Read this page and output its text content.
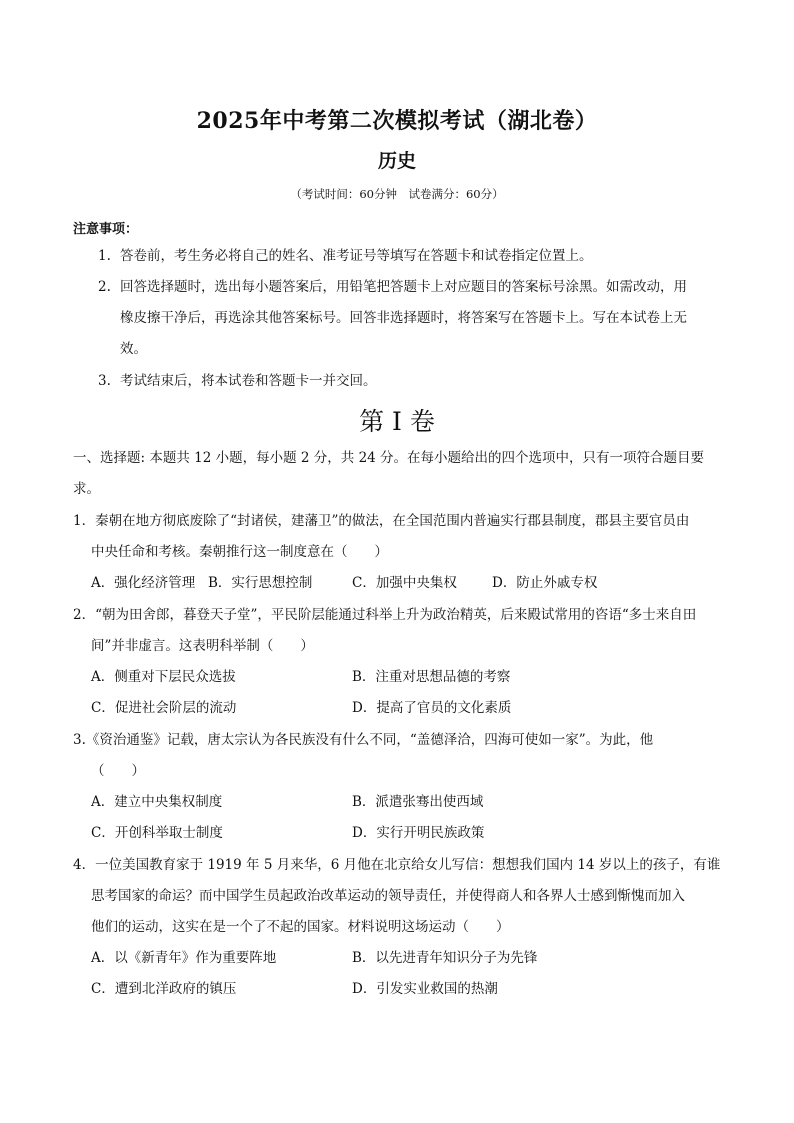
2025年中考第二次模拟考试（湖北卷）
历史
（考试时间：60分钟　试卷满分：60分）
注意事项：
1. 答卷前，考生务必将自己的姓名、准考证号等填写在答题卡和试卷指定位置上。
2. 回答选择题时，选出每小题答案后，用铅笔把答题卡上对应题目的答案标号涂黑。如需改动，用
橡皮擦干净后，再选涂其他答案标号。回答非选择题时，将答案写在答题卡上。写在本试卷上无
效。
3. 考试结束后，将本试卷和答题卡一并交回。
第 I 卷
一、选择题: 本题共 12 小题，每小题 2 分，共 24 分。在每小题给出的四个选项中，只有一项符合题目要
求。
1．秦朝在地方彻底废除了“封诸侯，建藩卫”的做法，在全国范围内普遍实行郡县制度，郡县主要官员由
中央任命和考核。秦朝推行这一制度意在（　　）
A．强化经济管理 B．实行思想控制	C．加强中央集权	D．防止外戚专权
2．“朝为田舍郎，暮登天子堂”，平民阶层能通过科举上升为政治精英，后来殿试常用的咨语“多士来自田
间”并非虚言。这表明科举制（　　）
A．侧重对下层民众选拔	B．注重对思想品德的考察
C．促进社会阶层的流动	D．提高了官员的文化素质
3.《资治通鉴》记载，唐太宗认为各民族没有什么不同，“盖德泽洽，四海可使如一家”。为此，他
（　　）
A．建立中央集权制度	B．派遣张骞出使西域
C．开创科举取士制度	D．实行开明民族政策
4．一位美国教育家于 1919 年 5 月来华，6 月他在北京给女儿写信：想想我们国内 14 岁以上的孩子，有谁
思考国家的命运？而中国学生员起政治改革运动的领导责任，并使得商人和各界人士感到惭愧而加入
他们的运动，这实在是一个了不起的国家。材料说明这场运动（　　）
A．以《新青年》作为重要阵地	B．以先进青年知识分子为先锋
C．遭到北洋政府的镇压	D．引发实业救国的热潮
